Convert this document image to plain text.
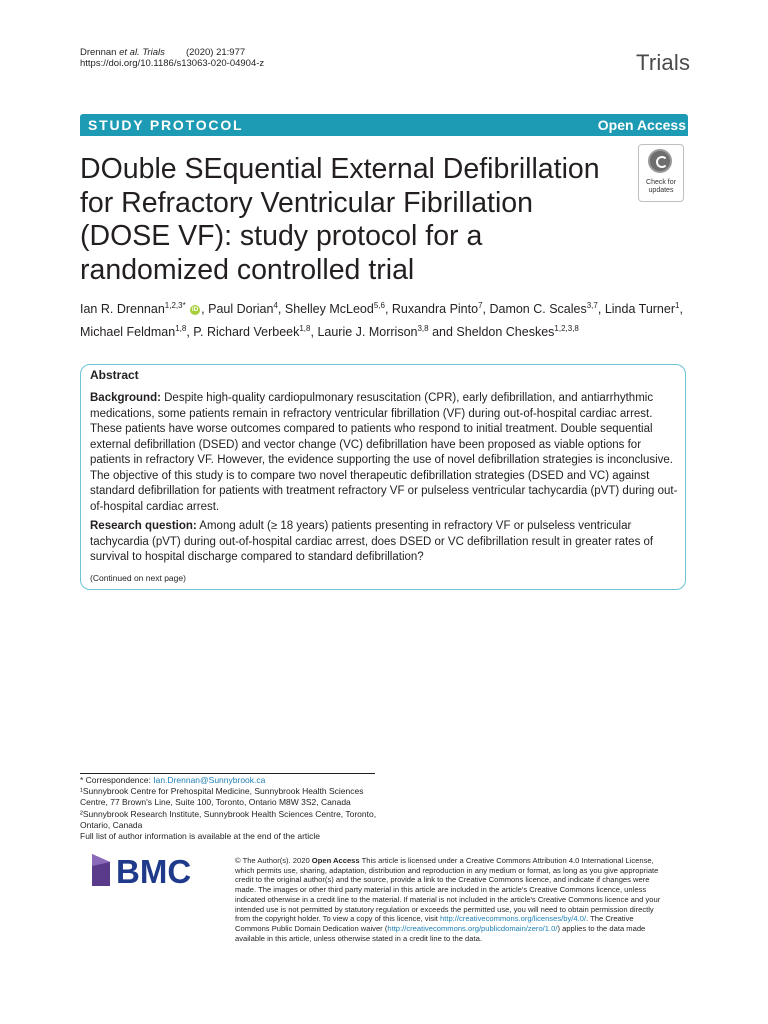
Drennan et al. Trials (2020) 21:977
https://doi.org/10.1186/s13063-020-04904-z	Trials
STUDY PROTOCOL	Open Access
DOuble SEquential External Defibrillation for Refractory Ventricular Fibrillation (DOSE VF): study protocol for a randomized controlled trial
Check for
updates
Ian R. Drennan$^{1,2,3*}$ iD , Paul Dorian$^4$, Shelley McLeod$^{5,6}$, Ruxandra Pinto$^7$, Damon C. Scales$^{3,7}$, Linda Turner$^1$,
Michael Feldman$^{1,8}$, P. Richard Verbeek$^{1,8}$, Laurie J. Morrison$^{3,8}$ and Sheldon Cheskes$^{1,2,3,8}$
Abstract

Background: Despite high-quality cardiopulmonary resuscitation (CPR), early defibrillation, and antiarrhythmic medications, some patients remain in refractory ventricular fibrillation (VF) during out-of-hospital cardiac arrest. These patients have worse outcomes compared to patients who respond to initial treatment. Double sequential external defibrillation (DSED) and vector change (VC) defibrillation have been proposed as viable options for patients in refractory VF. However, the evidence supporting the use of novel defibrillation strategies is inconclusive. The objective of this study is to compare two novel therapeutic defibrillation strategies (DSED and VC) against standard defibrillation for patients with treatment refractory VF or pulseless ventricular tachycardia (pVT) during out-of-hospital cardiac arrest.

Research question: Among adult (≥ 18 years) patients presenting in refractory VF or pulseless ventricular tachycardia (pVT) during out-of-hospital cardiac arrest, does DSED or VC defibrillation result in greater rates of survival to hospital discharge compared to standard defibrillation?

(Continued on next page)
* Correspondence: Ian.Drennan@Sunnybrook.ca
¹Sunnybrook Centre for Prehospital Medicine, Sunnybrook Health Sciences Centre, 77 Brown's Line, Suite 100, Toronto, Ontario M8W 3S2, Canada
²Sunnybrook Research Institute, Sunnybrook Health Sciences Centre, Toronto, Ontario, Canada
Full list of author information is available at the end of the article
BMC	© The Author(s). 2020 Open Access This article is licensed under a Creative Commons Attribution 4.0 International License, which permits use, sharing, adaptation, distribution and reproduction in any medium or format, as long as you give appropriate credit to the original author(s) and the source, provide a link to the Creative Commons licence, and indicate if changes were made. The images or other third party material in this article are included in the article's Creative Commons licence, unless indicated otherwise in a credit line to the material. If material is not included in the article's Creative Commons licence and your intended use is not permitted by statutory regulation or exceeds the permitted use, you will need to obtain permission directly from the copyright holder. To view a copy of this licence, visit http://creativecommons.org/licenses/by/4.0/. The Creative Commons Public Domain Dedication waiver (http://creativecommons.org/publicdomain/zero/1.0/) applies to the data made available in this article, unless otherwise stated in a credit line to the data.
